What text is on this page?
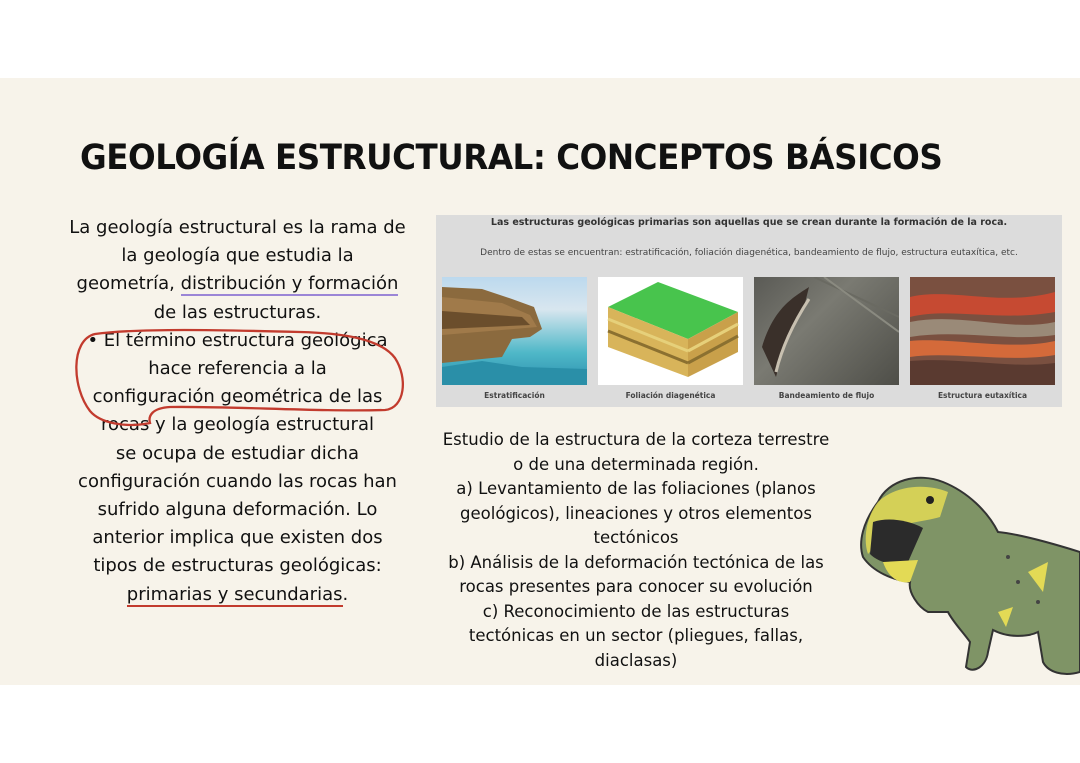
GEOLOGÍA ESTRUCTURAL: CONCEPTOS BÁSICOS

La geología estructural es la rama de

la geología que estudia la

geometría, distribución y formación

de las estructuras.

• El término estructura geológica

hace referencia a la

configuración geométrica de las

rocas y la geología estructural

se ocupa de estudiar dicha

configuración cuando las rocas han

sufrido alguna deformación. Lo

anterior implica que existen dos

tipos de estructuras geológicas:

primarias y secundarias.

Las estructuras geológicas primarias son aquellas que se crean durante la formación de la roca.
Dentro de estas se encuentran: estratificación, foliación diagenética, bandeamiento de flujo, estructura eutaxítica, etc.
Estratificación	Foliación diagenética	Bandeamiento de flujo	Estructura eutaxítica

Estudio de la estructura de la corteza terrestre

o de una determinada región.

a) Levantamiento de las foliaciones (planos

geológicos), lineaciones y otros elementos

tectónicos

b) Análisis de la deformación tectónica de las

rocas presentes para conocer su evolución

c) Reconocimiento de las estructuras

tectónicas en un sector (pliegues, fallas,

diaclasas)
